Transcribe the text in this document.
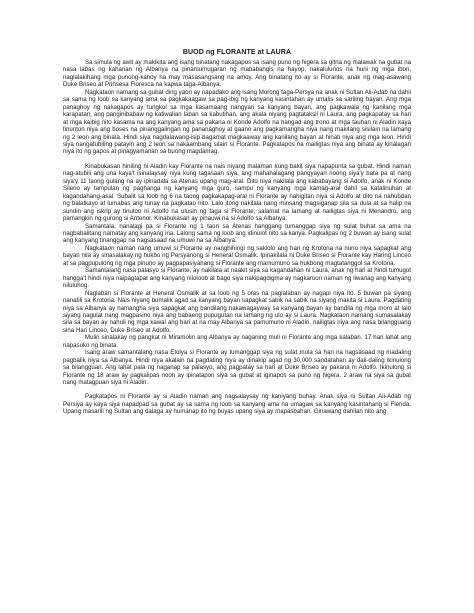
BUOD ng FLORANTE at LAURA

Sa simula ng awit ay makikita ang isang binatang nakagapos sa isang puno ng higera sa gitna ng malawak na gubat na nasa labas ng kaharian ng Albanya na pinamumugaran ng mababangis na hayop, nakalulunos na huni ng mga ibon, naglalakihang mga punong-kahoy na may masasangsang na amoy. Ang binatang ito ay si Florante, anak ng mag-asawang Duke Briseo at Prinsesa Floresca na kapwa taga-Albanya.

Nagkataon namang sa gubat ding yaon ay napadako ang isang Morong taga-Persya na anak ni Sultan Ali-Adab na dahil sa sama ng loob sa kanyang ama sa pagkakaagaw sa pag-ibig ng kanyang kasintahan ay umalis sa sariling bayan. Ang mga panaghoy ng nakagapos ay tungkol sa mga kasamaang nangyari sa kanyang bayan, ang pagkawala ng kanilang mga karapatan, ang panginibabaw ng katiwalian laban sa kabutihan, ang akala niyang pagtataksil ni Laura, ang pagkapatay sa hari at mga kaibig nito kasama na ang kanyang ama sa pakana ni Konde Adolfo na hangad ang trono at mga tauhan ni Aladin kaya tinunton niya ang boses na pinanggalingan ng pananaghoy at gaano ang pagkamangha niya nang makitang sisilain na lamang ng 2 leon ang binata. Hindi siya nagdalawang-isip bagamat magkaaway ang kanilang bayan at hinati niya ang mga leon. Hindi siya nangatubiling patayin ang 2 leon sa nakaambang silain si Florante. Pagkatapos na mailigtas niya ang binata ay kinalagan niya ito ng gapos at pinagyamanan sa buong magdamag.

Kinabukasan hiniling ni Aladin kay Florante na nais niyang malaman kung bakit siya napapunta sa gubat. Hindi naman nag-atubili ang una kaya't isinalaysay niya kung tagasaan siya, ang mahahalagang pangyayari noong siya'y bata pa at nang siya'y 11 taong gulang na ay ipinadala sa Atenas upang mag-aral. Dito niya nakilala ang kababayang si Adolfo, anak ni Konde Sileno ay tampulan ng paghanga ng kanyang mga guro, sampu ng kanyang mga kamag-aral dahil sa katalinuhan at kagandahang-asal. Subalit sa loob ng 6 na taong pagkakapag-aral ni Florante ay nahigitan niya si Adolfo at dito na nahubdan ng balatkayo at lumabas ang tunay na pagkatao nito. Lalo itong nakilala nang minsang magsiganap sila sa dula at sa halip na sundin ang iskrip ay tinutoo ni Adolfo na ulusin ng taga si Florante, salamat na lamang at nailigtas siya ni Menandro, ang pamangkin ng gurong si Antenor. Kinabukasan ay pinauwi na si Adolfo sa Albanya.

Samantala, nanalagi pa si Florante ng 1 taon sa Atenas hanggang tumanggap siya ng sulat buhat sa ama na nagbabalitang namatay ang kanyang ina. Lalong sama ng loob ang idinulot nito sa kanya. Pagkalipas ng 2 buwan ay isang sulat ang kanyang tinanggap na nagsasaad na umuwi na sa Albanya.

Nagkataon naman nang umuwi si Florante ay nanghihingi ng saklolo ang hari ng Krotona na nuno niya sapagkat ang bayan nila ay sinasalakay ng hukbo ng Persyanong si Heneral Osmalik. Ipinakilala ni Duke Briseo si Florante kay Haring Linceo at sa pagpupulong ng mga pinuno ay pagpapasiyahang si Florante ang mamumuno sa hukbong magtatanggol sa Krotona.

Samantalang nasa palasyo si Florante, ay nakilala at naakit siya sa kagandahan ni Laura, anak ng hari at hindi tumugot hangga't hindi niya naipagtapat ang kanyang niloloob at bago siya nakipagdigma ay nagkaroon naman ng liwanag ang kanyang niluluhog.

Naglaban si Florante at Heneral Osmalik at sa loob ng 5 oras na paglalaban ay nagapi niya ito. 5 buwan pa siyang nanatili sa Krotona. Nais niyang bumalik agad sa kanyang bayan sapagkat sabik na sabik na siyang makita si Laura. Pagdating niya sa Albanya ay namangha siya sapagkat ang bandilang nakawagayway sa kanyang bayan ay bandila ng mga moro at lalo siyang nagulat nang magpasino niya ang babaeng pupugutan na lamang ng ulo ay si Laura. Nagkataon namang sumasalakay sila sa bayan ay nahuli ng mga kawal ang hari at na may Albanya sa pamumuno ni Aladin, nailigtas niya ang nasa bilangguang sina Hari Linceo, Duke Briseo at Adolfo.

Mulin sinalakay ng pangkat ni Miramolin ang Albanya ay naganing muli ni Florante ang mga kalaban. 17 hari lahat ang napasuko ng binata.

Isang araw samantalang nasa Etolya si Florante ay tumanggap siya ng sulat mula sa hari na nagsasaad ng madaling pagbalik niya sa Albanya. Hindi niya akalain na pagdating niya ay dinakip agad ng 30,000 sandatahan ay dali-daling ikinulong sa bilangguan. Ang lahat pala ng naganap sa palasyo, ang pagpatay sa hari at Duke Briseo ay pakana ni Adolfo. Ikinulong si Florante ng 18 araw ay pagkalipas noon ay ipinatapon siya sa gubat at iginapos sa puno ng higera. 2 araw na siya sa gubat nang matagpuan siya ni Aladin.

Pagkatapos ni Florante ay si Aladin naman ang nagsalaysay ng kaniyang buhay. Anak siya ni Sultan Ali-Adab ng Persiya ay kaya siya napadpad sa gubat ay sa sama ng loob sa kanyang ama na umagaw sa kanyang kasintahang si Flerida. Upang masarili ng Sultan ang dalaga ay humanap ito ng buyas upang siya ay mapasbahan. Ginawang dahilan nito ang
